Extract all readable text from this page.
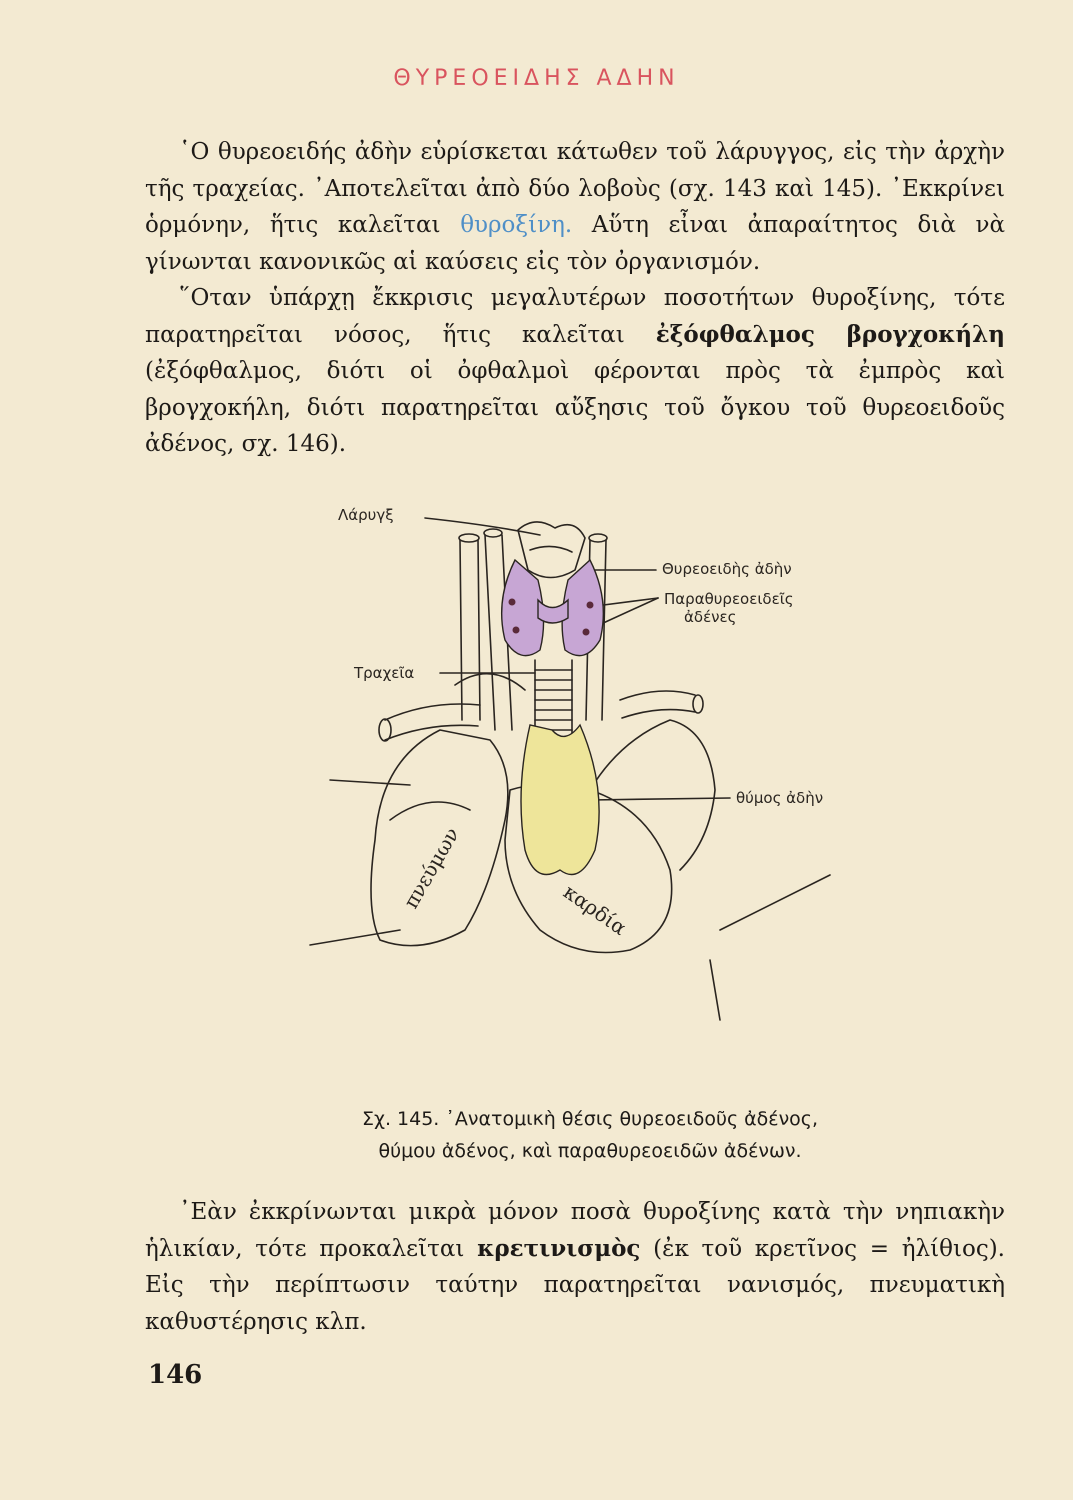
ΘΥΡΕΟΕΙΔΗΣ ΑΔΗΝ
῾Ο θυρεοειδής ἀδὴν εὑρίσκεται κάτωθεν τοῦ λάρυγγος, εἰς τὴν ἀρχὴν τῆς τραχείας. ᾽Αποτελεῖται ἀπὸ δύο λοβοὺς (σχ. 143 καὶ 145). ᾽Εκκρίνει ὁρμόνην, ἥτις καλεῖται θυροξίνη. Αὕτη εἶναι ἀπαραίτητος διὰ νὰ γίνωνται κανονικῶς αἱ καύσεις εἰς τὸν ὀργανισμόν.
῞Οταν ὑπάρχῃ ἔκκρισις μεγαλυτέρων ποσοτήτων θυροξίνης, τότε παρατηρεῖται νόσος, ἥτις καλεῖται ἐξόφθαλμος βρογχοκήλη (ἐξόφθαλμος, διότι οἱ ὀφθαλμοὶ φέρονται πρὸς τὰ ἐμπρὸς καὶ βρογχοκήλη, διότι παρατηρεῖται αὔξησις τοῦ ὄγκου τοῦ θυρεοειδοῦς ἀδένος, σχ. 146).
πνεύμων	καρδία
Λάρυγξ
Θυρεοειδὴς ἀδὴν
Παραθυρεοειδεῖς
ἀδένες
Τραχεῖα
θύμος ἀδὴν
Σχ. 145. ᾽Ανατομικὴ θέσις θυρεοειδοῦς ἀδένος,
θύμου ἀδένος, καὶ παραθυρεοειδῶν ἀδένων.
᾽Εὰν ἐκκρίνωνται μικρὰ μόνον ποσὰ θυροξίνης κατὰ τὴν νηπιακὴν ἡλικίαν, τότε προκαλεῖται κρετινισμὸς (ἐκ τοῦ κρετῖνος = ἠλίθιος). Εἰς τὴν περίπτωσιν ταύτην παρατηρεῖται νανισμός, πνευματικὴ καθυστέρησις κλπ.
146
